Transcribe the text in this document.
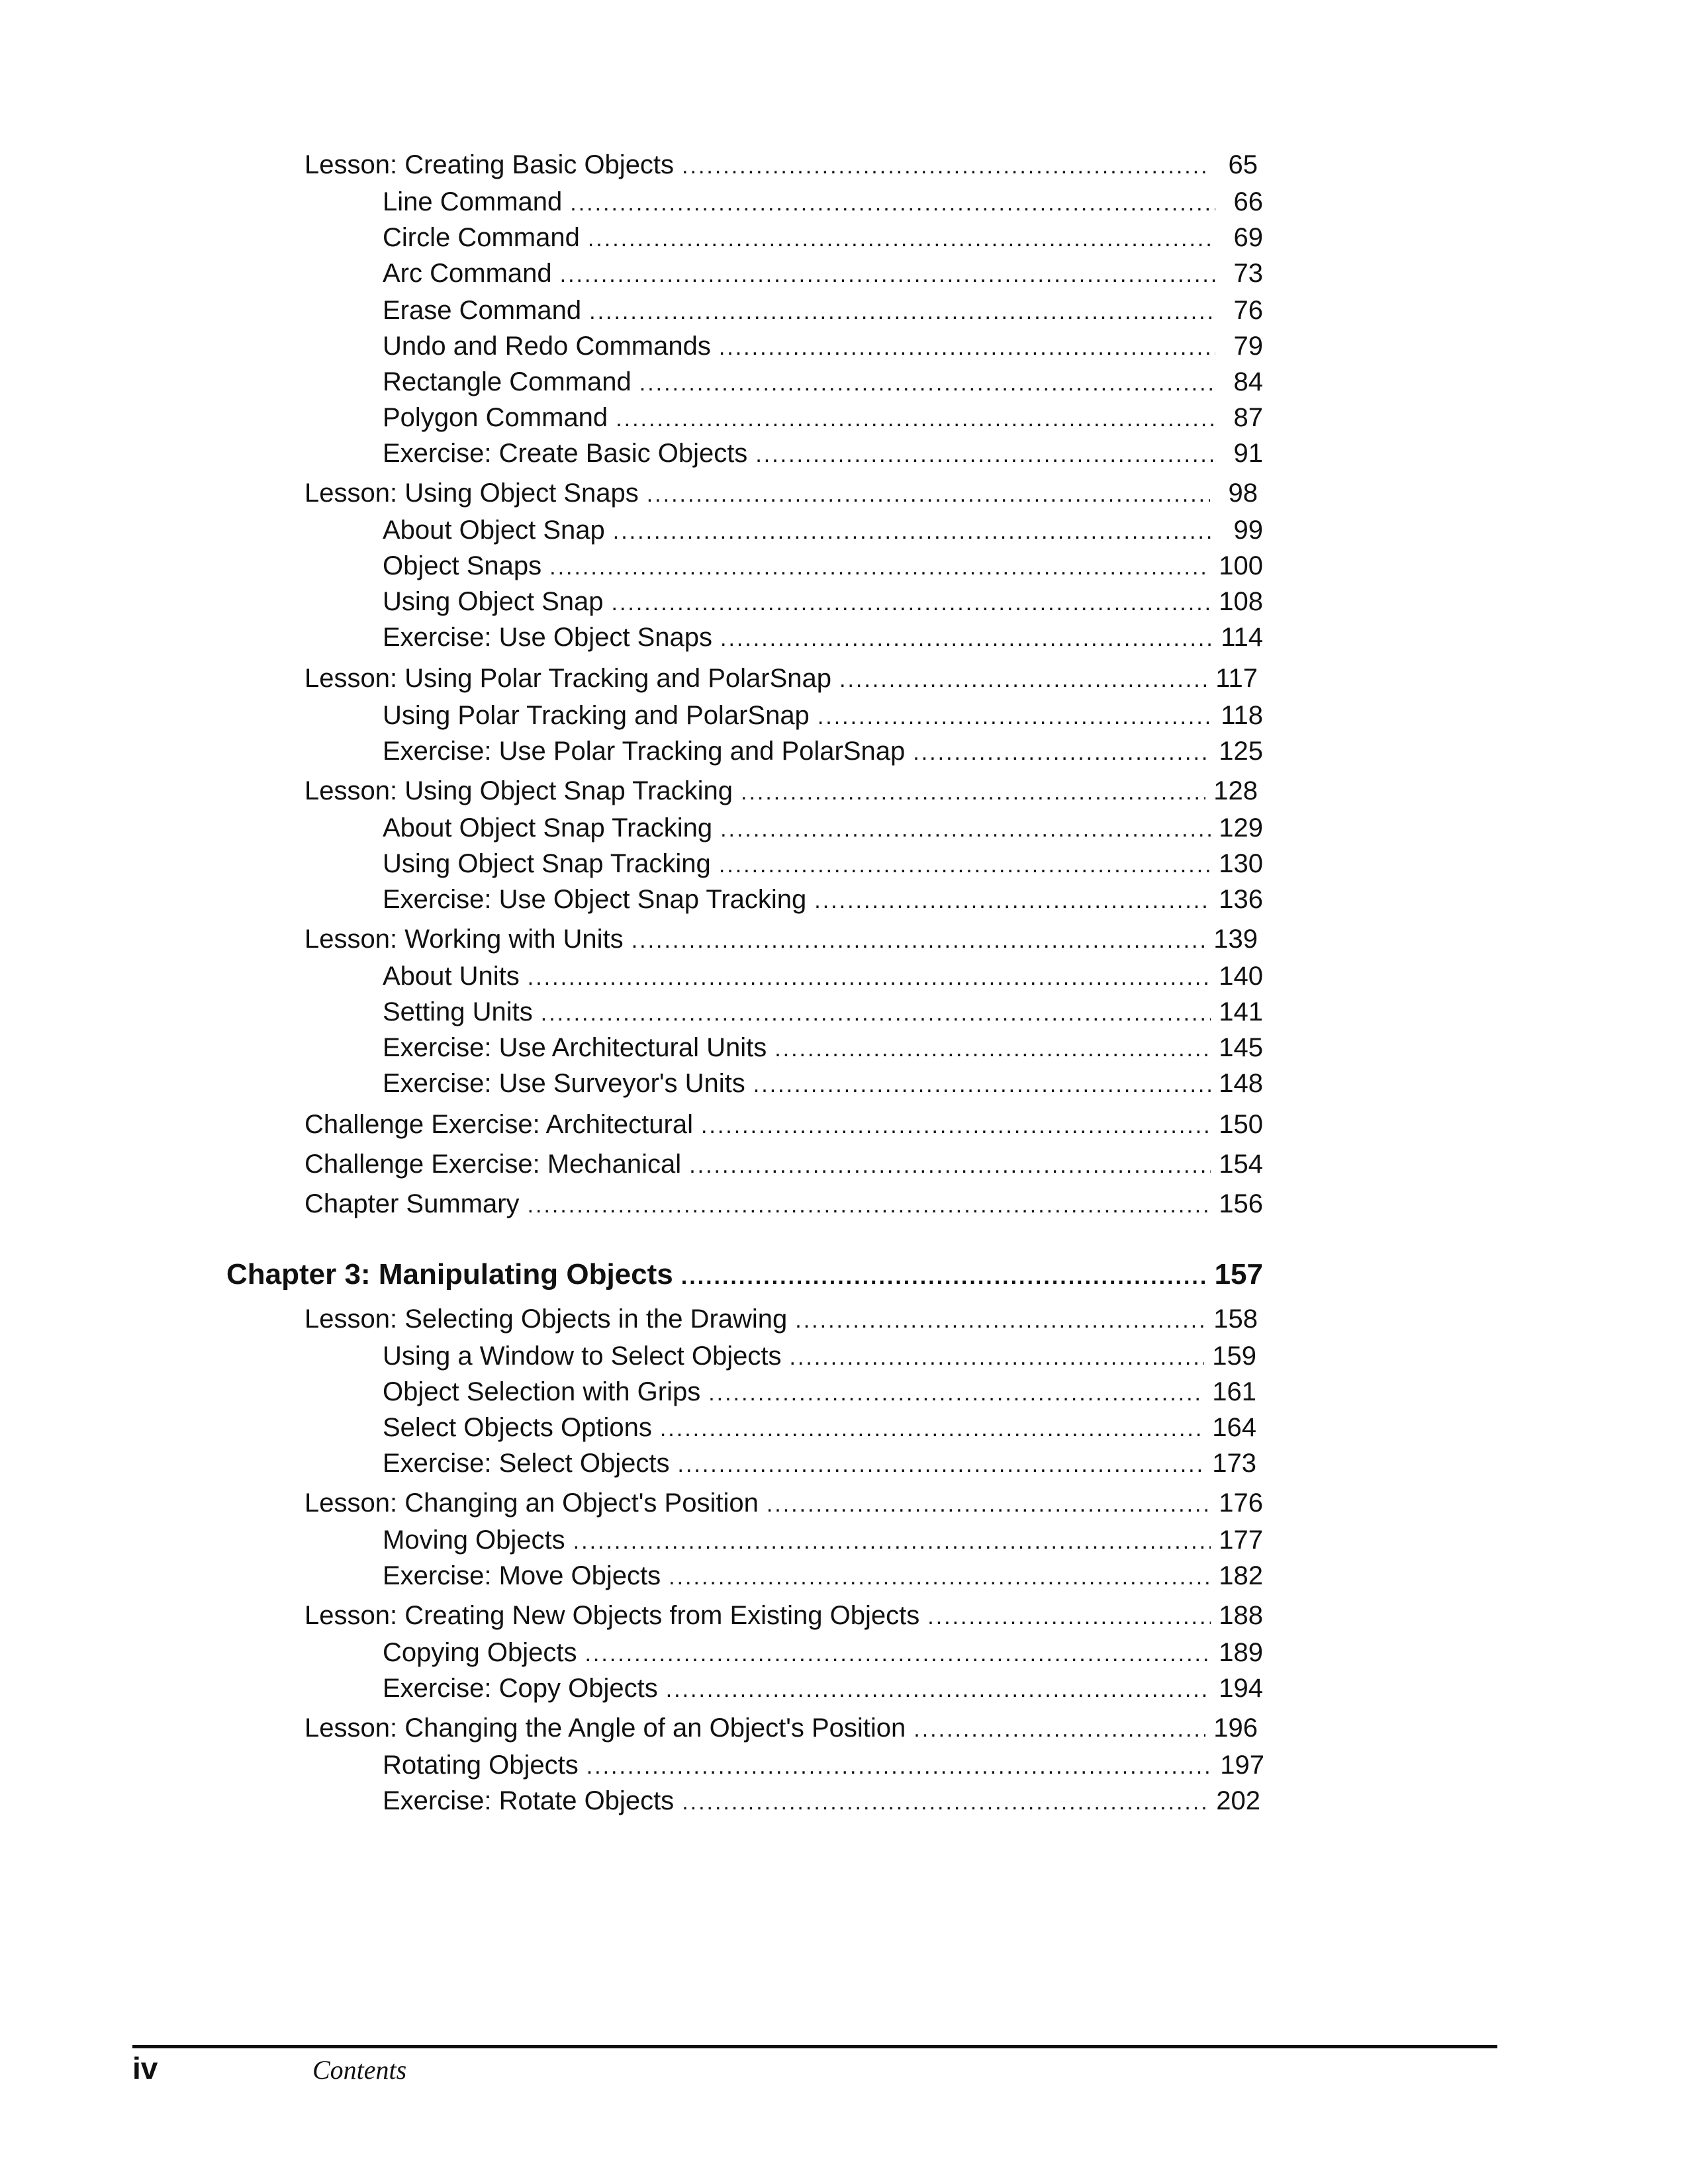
Lesson: Creating Basic Objects .....	65
Line Command .....	66
Circle Command .....	69
Arc Command .....	73
Erase Command .....	76
Undo and Redo Commands .....	79
Rectangle Command .....	84
Polygon Command .....	87
Exercise: Create Basic Objects .....	91
Lesson: Using Object Snaps .....	98
About Object Snap .....	99
Object Snaps .....	100
Using Object Snap .....	108
Exercise: Use Object Snaps .....	114
Lesson: Using Polar Tracking and PolarSnap .....	117
Using Polar Tracking and PolarSnap .....	118
Exercise: Use Polar Tracking and PolarSnap .....	125
Lesson: Using Object Snap Tracking .....	128
About Object Snap Tracking .....	129
Using Object Snap Tracking .....	130
Exercise: Use Object Snap Tracking .....	136
Lesson: Working with Units .....	139
About Units .....	140
Setting Units .....	141
Exercise: Use Architectural Units .....	145
Exercise: Use Surveyor's Units .....	148
Challenge Exercise: Architectural .....	150
Challenge Exercise: Mechanical .....	154
Chapter Summary .....	156
Chapter 3: Manipulating Objects .....	157
Lesson: Selecting Objects in the Drawing .....	158
Using a Window to Select Objects .....	159
Object Selection with Grips .....	161
Select Objects Options .....	164
Exercise: Select Objects .....	173
Lesson: Changing an Object's Position .....	176
Moving Objects .....	177
Exercise: Move Objects .....	182
Lesson: Creating New Objects from Existing Objects .....	188
Copying Objects .....	189
Exercise: Copy Objects .....	194
Lesson: Changing the Angle of an Object's Position .....	196
Rotating Objects .....	197
Exercise: Rotate Objects .....	202
iv	Contents
